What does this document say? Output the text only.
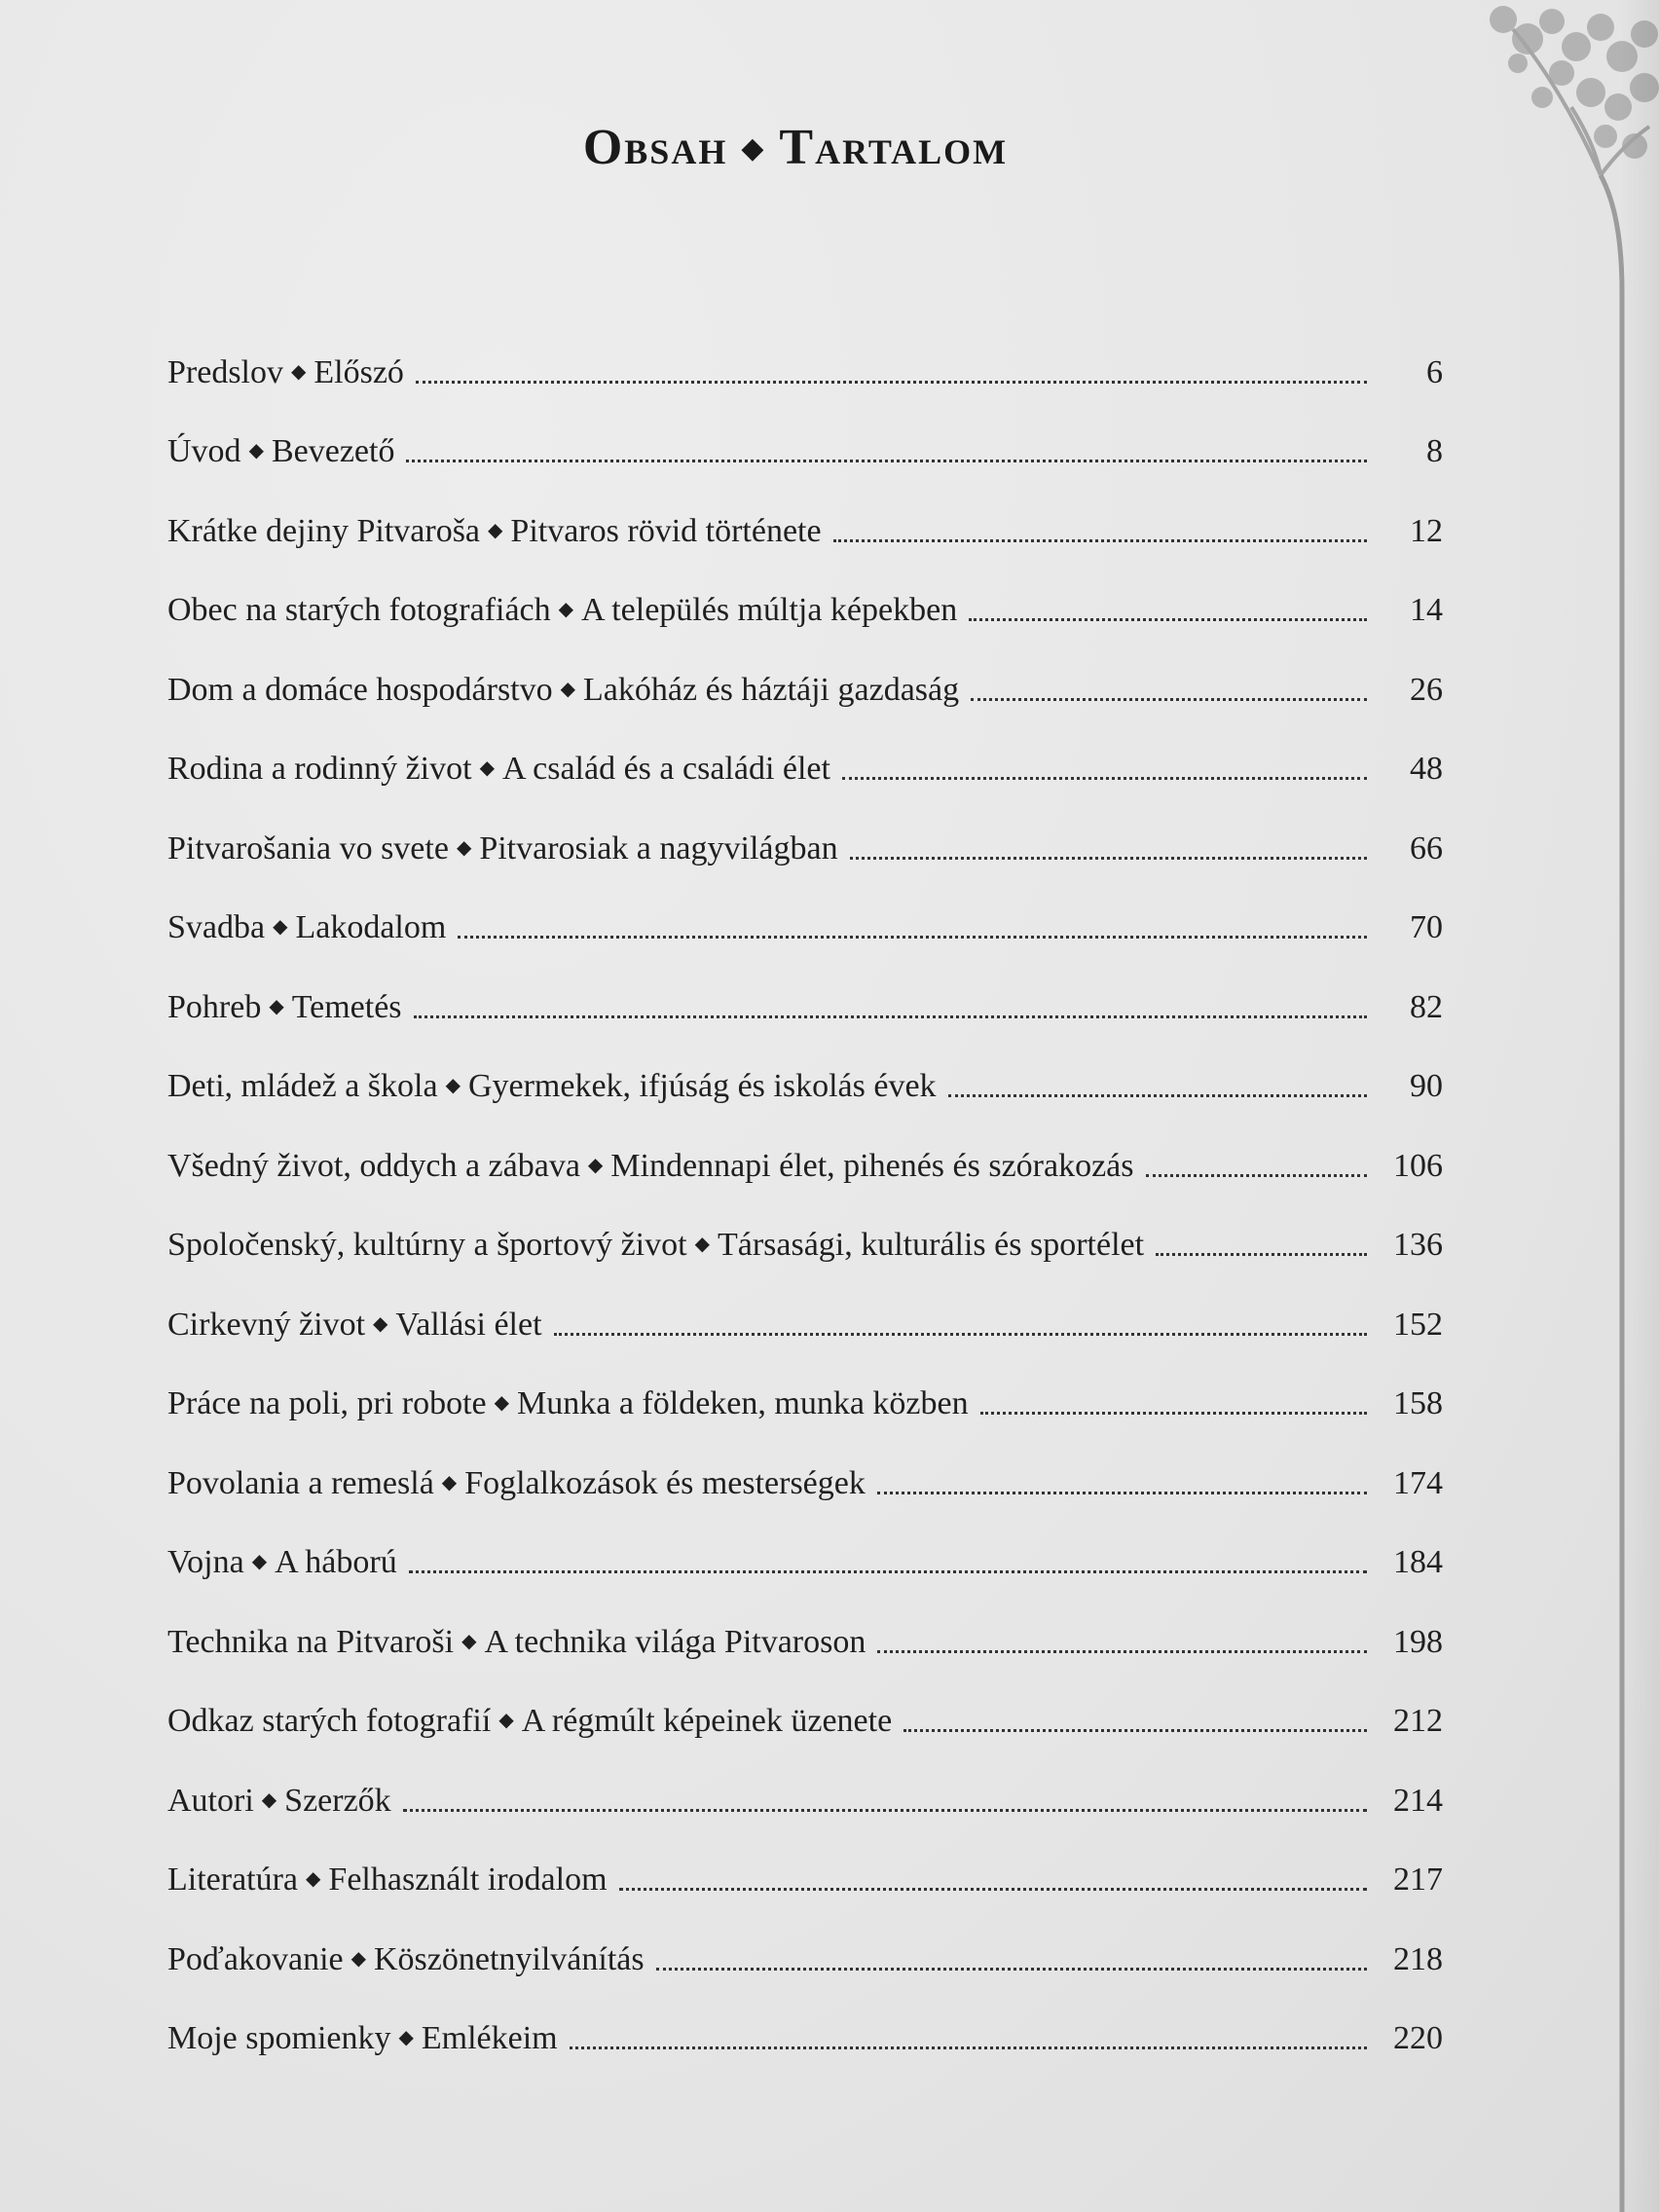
Obsah ◆ Tartalom
Predslov ◆ Előszó	6
Úvod ◆ Bevezető	8
Krátke dejiny Pitvaroša ◆ Pitvaros rövid története	12
Obec na starých fotografiách ◆ A település múltja képekben	14
Dom a domáce hospodárstvo ◆ Lakóház és háztáji gazdaság	26
Rodina a rodinný život ◆ A család és a családi élet	48
Pitvarošania vo svete ◆ Pitvarosiak a nagyvilágban	66
Svadba ◆ Lakodalom	70
Pohreb ◆ Temetés	82
Deti, mládež a škola ◆ Gyermekek, ifjúság és iskolás évek	90
Všedný život, oddych a zábava ◆ Mindennapi élet, pihenés és szórakozás	106
Spoločenský, kultúrny a športový život ◆ Társasági, kulturális és sportélet	136
Cirkevný život ◆ Vallási élet	152
Práce na poli, pri robote ◆ Munka a földeken, munka közben	158
Povolania a remeslá ◆ Foglalkozások és mesterségek	174
Vojna ◆ A háború	184
Technika na Pitvaroši ◆ A technika világa Pitvaroson	198
Odkaz starých fotografií ◆ A régmúlt képeinek üzenete	212
Autori ◆ Szerzők	214
Literatúra ◆ Felhasznált irodalom	217
Poďakovanie ◆ Köszönetnyilvánítás	218
Moje spomienky ◆ Emlékeim	220
